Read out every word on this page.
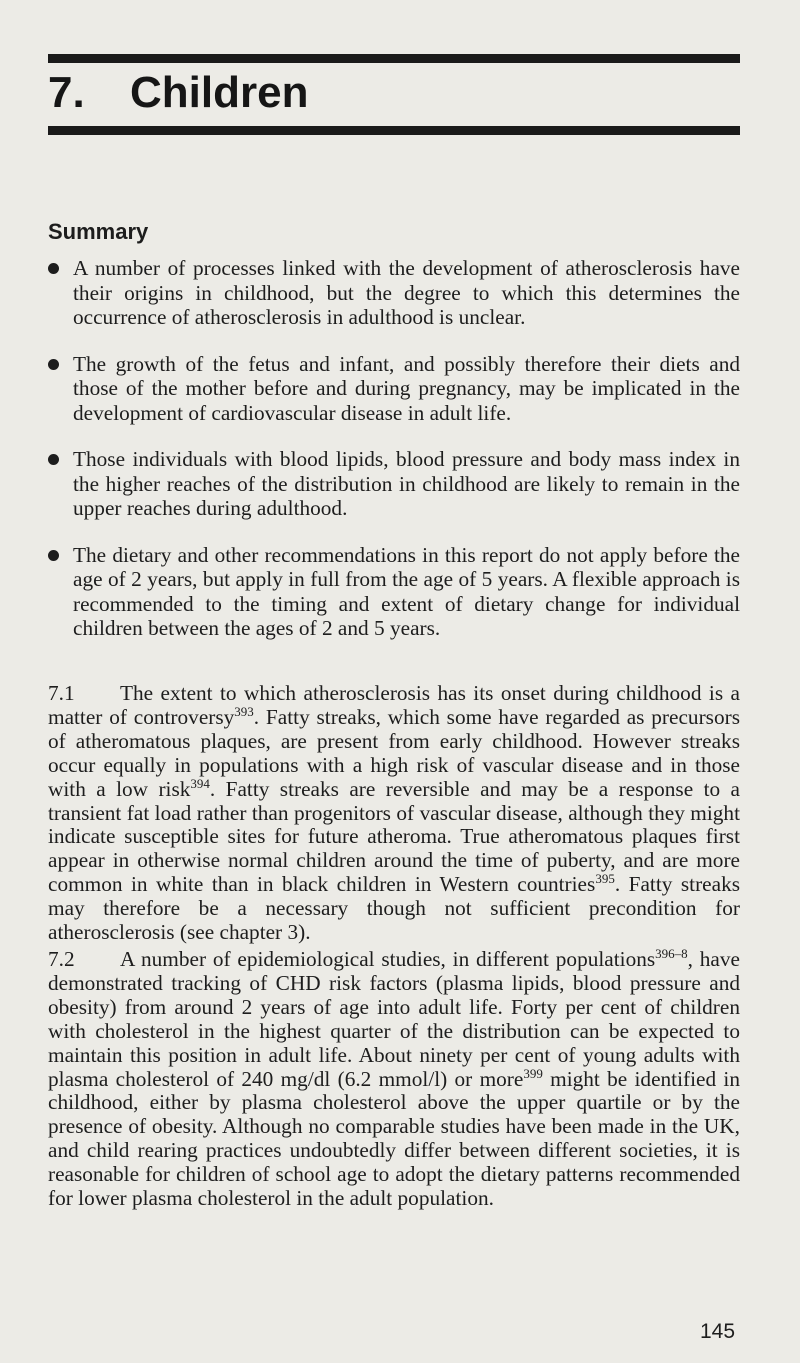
7. Children
Summary
A number of processes linked with the development of atherosclerosis have their origins in childhood, but the degree to which this determines the occurrence of atherosclerosis in adulthood is unclear.
The growth of the fetus and infant, and possibly therefore their diets and those of the mother before and during pregnancy, may be implicated in the development of cardiovascular disease in adult life.
Those individuals with blood lipids, blood pressure and body mass index in the higher reaches of the distribution in childhood are likely to remain in the upper reaches during adulthood.
The dietary and other recommendations in this report do not apply before the age of 2 years, but apply in full from the age of 5 years. A flexible approach is recommended to the timing and extent of dietary change for individual children between the ages of 2 and 5 years.

7.1 The extent to which atherosclerosis has its onset during childhood is a matter of controversy$^{393}$. Fatty streaks, which some have regarded as precursors of atheromatous plaques, are present from early childhood. However streaks occur equally in populations with a high risk of vascular disease and in those with a low risk$^{394}$. Fatty streaks are reversible and may be a response to a transient fat load rather than progenitors of vascular disease, although they might indicate susceptible sites for future atheroma. True atheromatous plaques first appear in otherwise normal children around the time of puberty, and are more common in white than in black children in Western countries$^{395}$. Fatty streaks may therefore be a necessary though not sufficient precondition for atherosclerosis (see chapter 3).

7.2 A number of epidemiological studies, in different populations$^{396-8}$, have demonstrated tracking of CHD risk factors (plasma lipids, blood pressure and obesity) from around 2 years of age into adult life. Forty per cent of children with cholesterol in the highest quarter of the distribution can be expected to maintain this position in adult life. About ninety per cent of young adults with plasma cholesterol of 240 mg/dl (6.2 mmol/l) or more$^{399}$ might be identified in childhood, either by plasma cholesterol above the upper quartile or by the presence of obesity. Although no comparable studies have been made in the UK, and child rearing practices undoubtedly differ between different societies, it is reasonable for children of school age to adopt the dietary patterns recommended for lower plasma cholesterol in the adult population.

145
